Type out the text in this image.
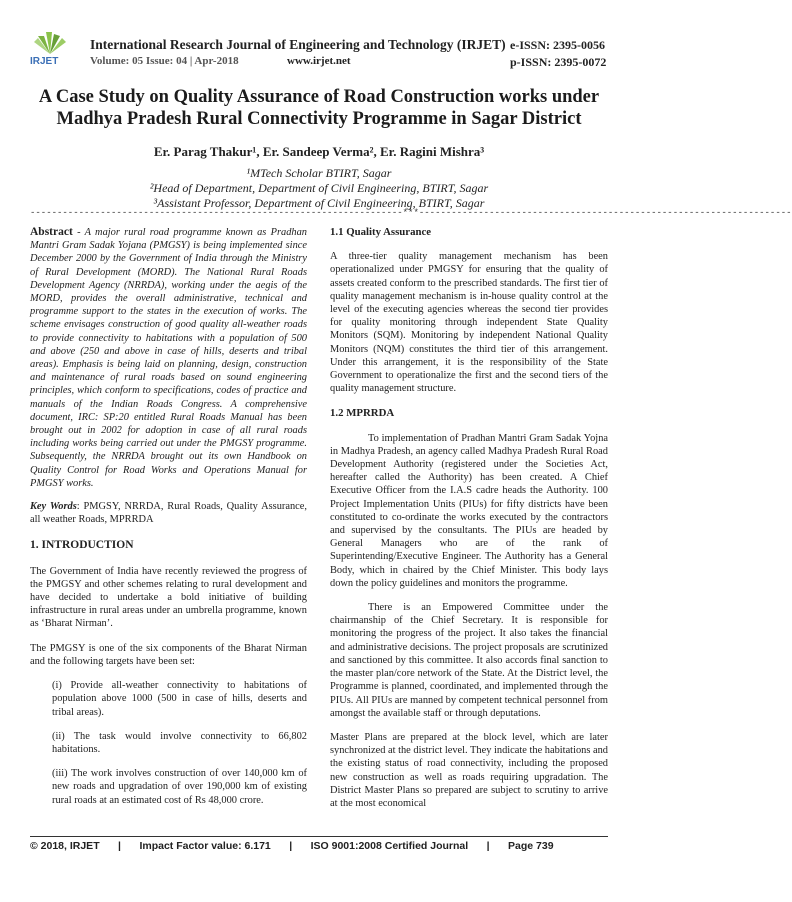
IRJET
International Research Journal of Engineering and Technology (IRJET) e-ISSN: 2395-0056
Volume: 05 Issue: 04 | Apr-2018	www.irjet.net	p-ISSN: 2395-0072
A Case Study on Quality Assurance of Road Construction works under Madhya Pradesh Rural Connectivity Programme in Sagar District
Er. Parag Thakur¹, Er. Sandeep Verma², Er. Ragini Mishra³
¹MTech Scholar BTIRT, Sagar
²Head of Department, Department of Civil Engineering, BTIRT, Sagar
³Assistant Professor, Department of Civil Engineering, BTIRT, Sagar
---------------------------------------------------------------------***---------------------------------------------------------------------

Abstract - A major rural road programme known as Pradhan Mantri Gram Sadak Yojana (PMGSY) is being implemented since December 2000 by the Government of India through the Ministry of Rural Development (MORD). The National Rural Roads Development Agency (NRRDA), working under the aegis of the MORD, provides the overall administrative, technical and programme support to the states in the execution of works. The scheme envisages construction of good quality all-weather roads to provide connectivity to habitations with a population of 500 and above (250 and above in case of hills, deserts and tribal areas). Emphasis is being laid on planning, design, construction and maintenance of rural roads based on sound engineering principles, which conform to specifications, codes of practice and manuals of the Indian Roads Congress. A comprehensive document, IRC: SP:20 entitled Rural Roads Manual has been brought out in 2002 for adoption in case of all rural roads including works being carried out under the PMGSY programme. Subsequently, the NRRDA brought out its own Handbook on Quality Control for Road Works and Operations Manual for PMGSY works.

Key Words: PMGSY, NRRDA, Rural Roads, Quality Assurance, all weather Roads, MPRRDA

1. INTRODUCTION

The Government of India have recently reviewed the progress of the PMGSY and other schemes relating to rural development and have decided to undertake a bold initiative of building infrastructure in rural areas under an umbrella programme, known as ‘Bharat Nirman’.

The PMGSY is one of the six components of the Bharat Nirman and the following targets have been set:

(i) Provide all-weather connectivity to habitations of population above 1000 (500 in case of hills, deserts and tribal areas).

(ii) The task would involve connectivity to 66,802 habitations.

(iii) The work involves construction of over 140,000 km of new roads and upgradation of over 190,000 km of existing rural roads at an estimated cost of Rs 48,000 crore.

1.1 Quality Assurance

A three-tier quality management mechanism has been operationalized under PMGSY for ensuring that the quality of assets created conform to the prescribed standards. The first tier of quality management mechanism is in-house quality control at the level of the executing agencies whereas the second tier provides for quality monitoring through independent State Quality Monitors (SQM). Monitoring by independent National Quality Monitors (NQM) constitutes the third tier of this arrangement. Under this arrangement, it is the responsibility of the State Government to operationalize the first and the second tiers of the quality management structure.

1.2 MPRRDA

To implementation of Pradhan Mantri Gram Sadak Yojna in Madhya Pradesh, an agency called Madhya Pradesh Rural Road Development Authority (registered under the Societies Act, hereafter called the Authority) has been created. A Chief Executive Officer from the I.A.S cadre heads the Authority. 100 Project Implementation Units (PIUs) for fifty districts have been constituted to co-ordinate the works executed by the contractors and supervised by the consultants. The PIUs are headed by General Managers who are of the rank of Superintending/Executive Engineer. The Authority has a General Body, which in chaired by the Chief Minister. This body lays down the policy guidelines and monitors the programme.

There is an Empowered Committee under the chairmanship of the Chief Secretary. It is responsible for monitoring the progress of the project. It also takes the financial and administrative decisions. The project proposals are scrutinized and sanctioned by this committee. It also accords final sanction to the master plan/core network of the State. At the District level, the Programme is planned, coordinated, and implemented through the PIUs. All PIUs are manned by competent technical personnel from amongst the available staff or through deputations.

Master Plans are prepared at the block level, which are later synchronized at the district level. They indicate the habitations and the existing status of road connectivity, including the proposed new construction as well as roads requiring upgradation. The District Master Plans so prepared are subject to scrutiny to arrive at the most economical

© 2018, IRJET | Impact Factor value: 6.171 | ISO 9001:2008 Certified Journal | Page 739
